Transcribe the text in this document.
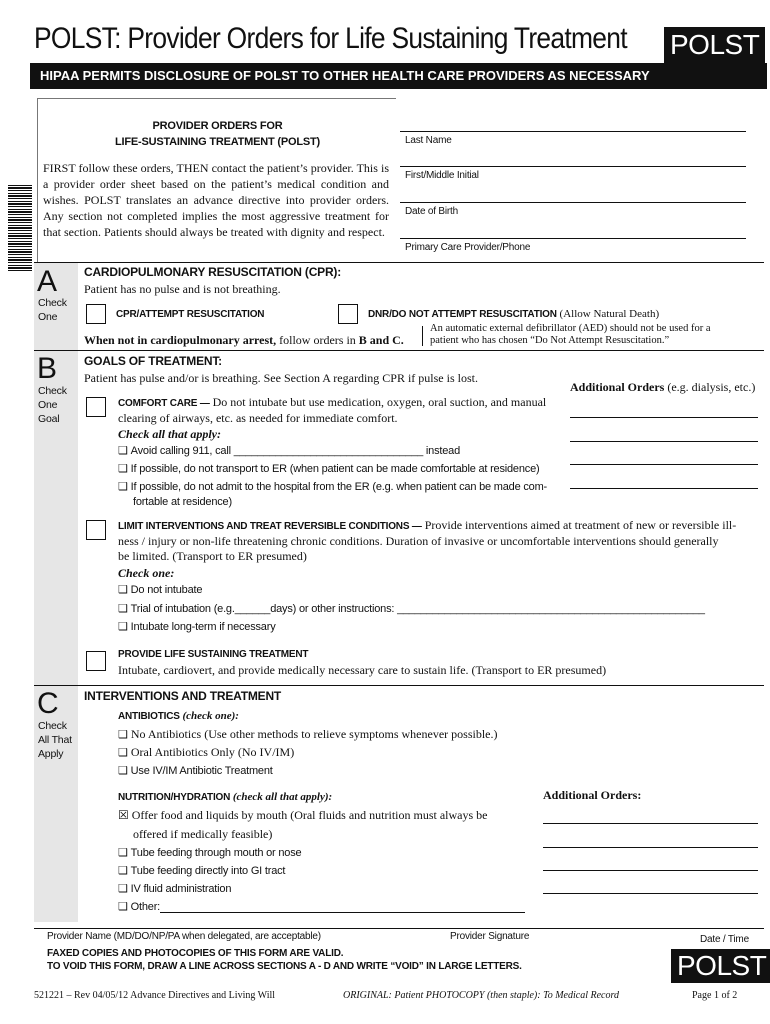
POLST: Provider Orders for Life Sustaining Treatment POLST
HIPAA PERMITS DISCLOSURE OF POLST TO OTHER HEALTH CARE PROVIDERS AS NECESSARY
PROVIDER ORDERS FOR
LIFE-SUSTAINING TREATMENT (POLST)
FIRST follow these orders, THEN contact the patient’s provider. This is a provider order sheet based on the patient’s medical condition and wishes. POLST translates an advance directive into provider orders. Any section not completed implies the most aggressive treatment for that section. Patients should always be treated with dignity and respect.
Last Name
First/Middle Initial
Date of Birth
Primary Care Provider/Phone
A
Check
One
CARDIOPULMONARY RESUSCITATION (CPR):
Patient has no pulse and is not breathing.
CPR/ATTEMPT RESUSCITATION	DNR/DO NOT ATTEMPT RESUSCITATION (Allow Natural Death)
When not in cardiopulmonary arrest, follow orders in B and C.
An automatic external defibrillator (AED) should not be used for a
patient who has chosen “Do Not Attempt Resuscitation.”
B
Check
One
Goal
GOALS OF TREATMENT:
Patient has pulse and/or is breathing. See Section A regarding CPR if pulse is lost.
Additional Orders (e.g. dialysis, etc.)
COMFORT CARE — Do not intubate but use medication, oxygen, oral suction, and manual
clearing of airways, etc. as needed for immediate comfort.
Check all that apply:
❑ Avoid calling 911, call ________________________________ instead
❑ If possible, do not transport to ER (when patient can be made comfortable at residence)
❑ If possible, do not admit to the hospital from the ER (e.g. when patient can be made com-
fortable at residence)
LIMIT INTERVENTIONS AND TREAT REVERSIBLE CONDITIONS — Provide interventions aimed at treatment of new or reversible ill-
ness / injury or non-life threatening chronic conditions. Duration of invasive or uncomfortable interventions should generally
be limited. (Transport to ER presumed)
Check one:
❑ Do not intubate
❑ Trial of intubation (e.g.______days) or other instructions: ____________________________________________________
❑ Intubate long-term if necessary
PROVIDE LIFE SUSTAINING TREATMENT
Intubate, cardiovert, and provide medically necessary care to sustain life. (Transport to ER presumed)
C
Check
All That
Apply
INTERVENTIONS AND TREATMENT
ANTIBIOTICS (check one):
❑ No Antibiotics (Use other methods to relieve symptoms whenever possible.)
❑ Oral Antibiotics Only (No IV/IM)
❑ Use IV/IM Antibiotic Treatment
NUTRITION/HYDRATION (check all that apply):
☒ Offer food and liquids by mouth (Oral fluids and nutrition must always be
offered if medically feasible)
❑ Tube feeding through mouth or nose
❑ Tube feeding directly into GI tract
❑ IV fluid administration
❑ Other:
Additional Orders:
Provider Name (MD/DO/NP/PA when delegated, are acceptable)	Provider Signature	Date / Time
FAXED COPIES AND PHOTOCOPIES OF THIS FORM ARE VALID.
TO VOID THIS FORM, DRAW A LINE ACROSS SECTIONS A - D AND WRITE “VOID” IN LARGE LETTERS.	POLST
521221 – Rev 04/05/12 Advance Directives and Living Will	ORIGINAL: Patient PHOTOCOPY (then staple): To Medical Record	Page 1 of 2
